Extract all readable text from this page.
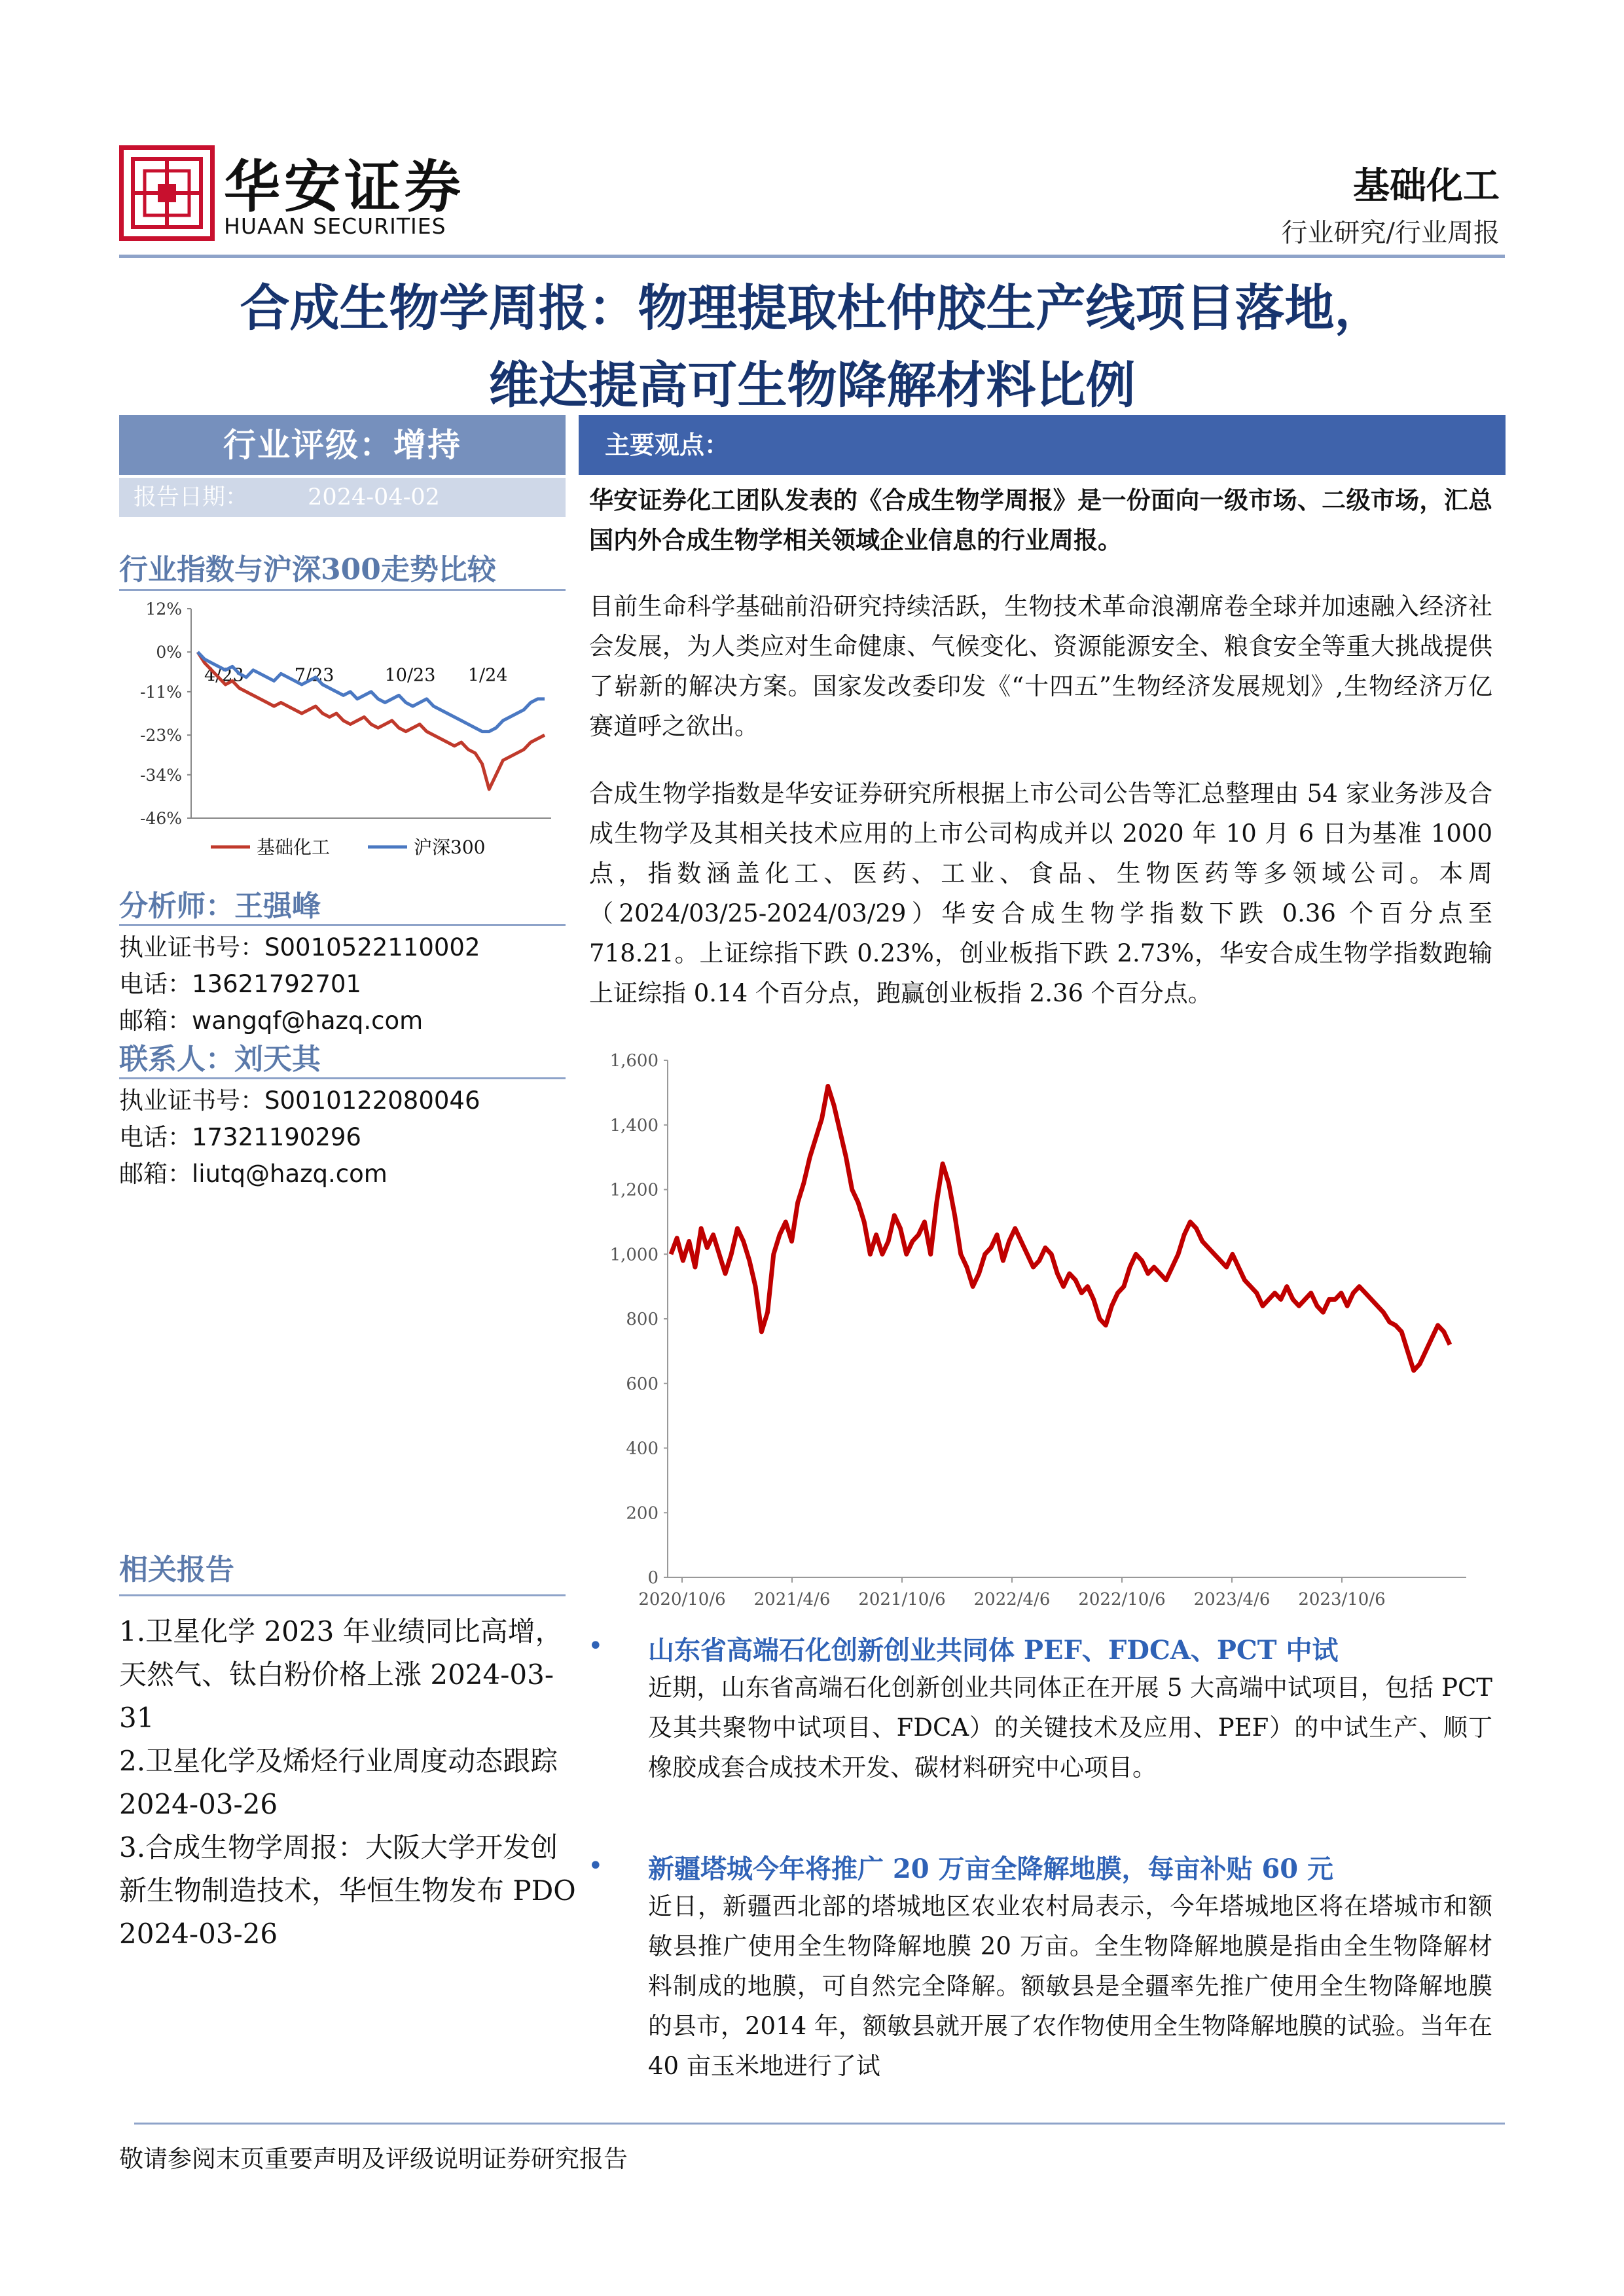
华安证券
HUAAN SECURITIES
基础化工
行业研究/行业周报
合成生物学周报：物理提取杜仲胶生产线项目落地，
维达提高可生物降解材料比例
行业评级：增持
报告日期：	2024-04-02
行业指数与沪深300走势比较
12%
0%
-11%
-23%
-34%
-46%
4/23	7/23	10/23 1/24
基础化工	沪深300
分析师：王强峰
执业证书号：S0010522110002
电话：13621792701
邮箱：wangqf@hazq.com
联系人：刘天其
执业证书号：S0010122080046
电话：17321190296
邮箱：liutq@hazq.com
相关报告
1.卫星化学 2023 年业绩同比高增，天然气、钛白粉价格上涨 2024-03-31
2.卫星化学及烯烃行业周度动态跟踪 2024-03-26
3.合成生物学周报：大阪大学开发创新生物制造技术，华恒生物发布 PDO 2024-03-26
主要观点：
华安证券化工团队发表的《合成生物学周报》是一份面向一级市场、二级市场，汇总国内外合成生物学相关领域企业信息的行业周报。
目前生命科学基础前沿研究持续活跃，生物技术革命浪潮席卷全球并加速融入经济社会发展，为人类应对生命健康、气候变化、资源能源安全、粮食安全等重大挑战提供了崭新的解决方案。国家发改委印发《“十四五”生物经济发展规划》,生物经济万亿赛道呼之欲出。
合成生物学指数是华安证券研究所根据上市公司公告等汇总整理由 54 家业务涉及合成生物学及其相关技术应用的上市公司构成并以 2020 年 10 月 6 日为基准 1000 点，指数涵盖化工、医药、工业、食品、生物医药等多领域公司。本周（2024/03/25-2024/03/29）华安合成生物学指数下跌 0.36 个百分点至 718.21。上证综指下跌 0.23%，创业板指下跌 2.73%，华安合成生物学指数跑输上证综指 0.14 个百分点，跑赢创业板指 2.36 个百分点。
1,600
1,400
1,200
1,000
800
600
400
200
0
2020/10/6 2021/4/6 2021/10/6 2022/4/6 2022/10/6 2023/4/6 2023/10/6
• 山东省高端石化创新创业共同体 PEF、FDCA、PCT 中试
近期，山东省高端石化创新创业共同体正在开展 5 大高端中试项目，包括 PCT 及其共聚物中试项目、FDCA）的关键技术及应用、PEF）的中试生产、顺丁橡胶成套合成技术开发、碳材料研究中心项目。
• 新疆塔城今年将推广 20 万亩全降解地膜，每亩补贴 60 元
近日，新疆西北部的塔城地区农业农村局表示，今年塔城地区将在塔城市和额敏县推广使用全生物降解地膜 20 万亩。全生物降解地膜是指由全生物降解材料制成的地膜，可自然完全降解。额敏县是全疆率先推广使用全生物降解地膜的县市，2014 年，额敏县就开展了农作物使用全生物降解地膜的试验。当年在 40 亩玉米地进行了试
敬请参阅末页重要声明及评级说明证券研究报告
